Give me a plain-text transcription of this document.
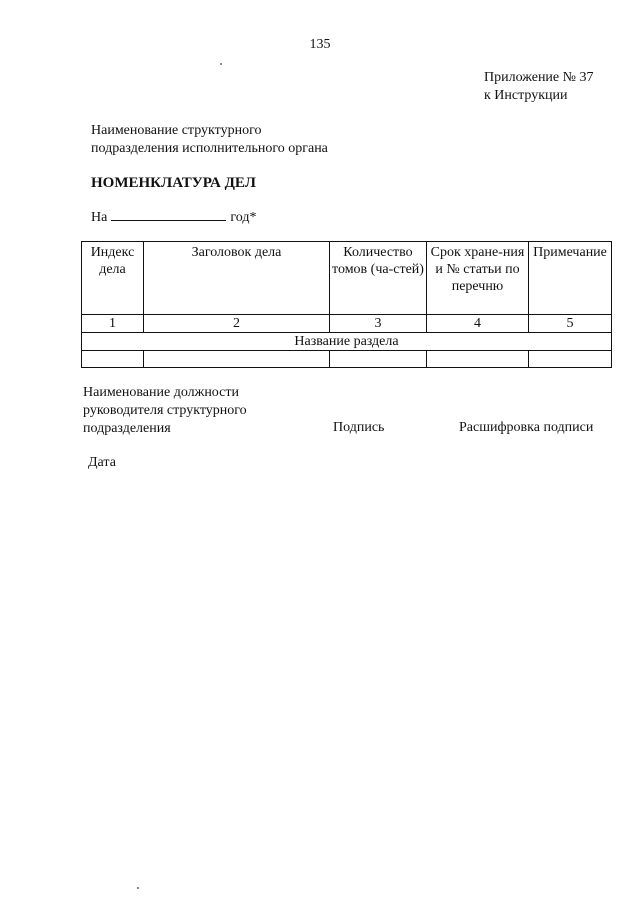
135
Приложение № 37
к Инструкции
Наименование структурного
подразделения исполнительного органа
НОМЕНКЛАТУРА ДЕЛ
На	год*
Индекс дела	Заголовок дела	Количество томов (ча-стей)	Срок хране-ния и № статьи по перечню	Примечание
1	2	3	4	5
Название раздела				

Наименование должности
руководителя структурного
подразделения	Подпись	Расшифровка подписи
Дата
